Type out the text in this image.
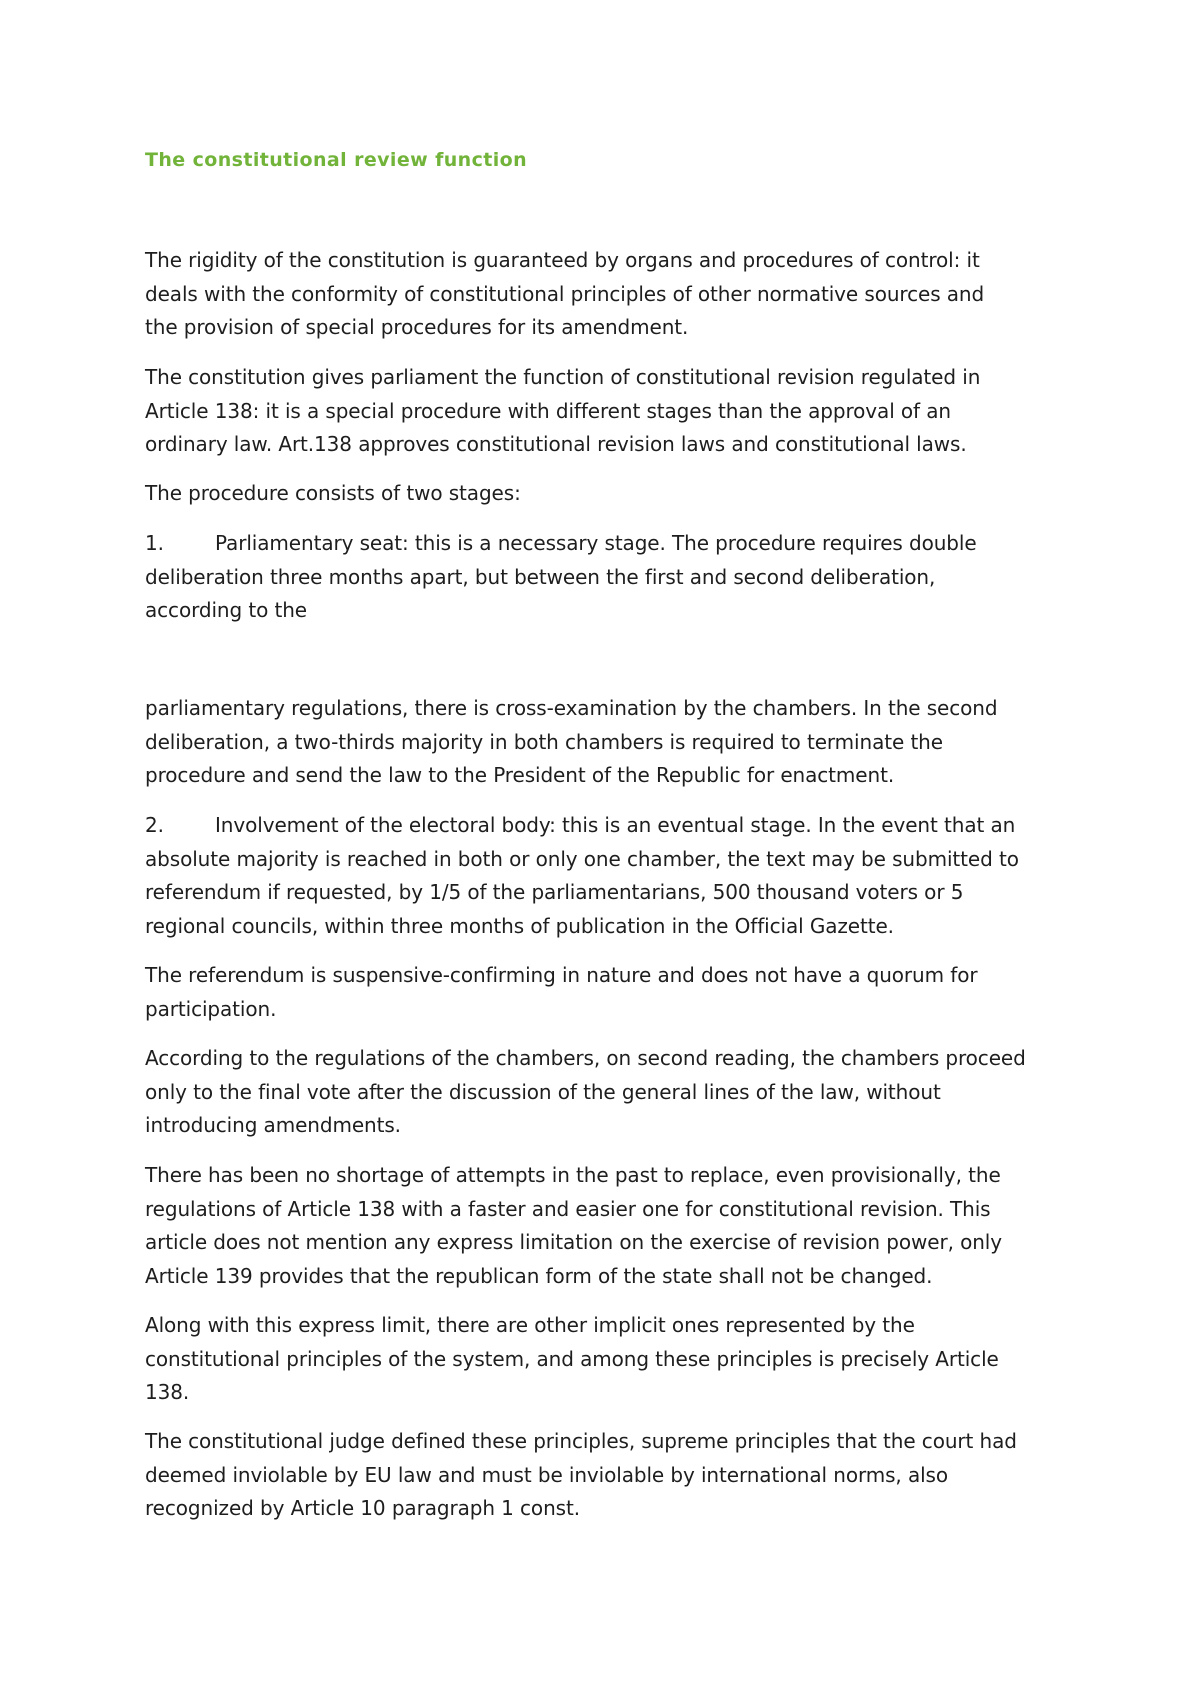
The constitutional review function

The rigidity of the constitution is guaranteed by organs and procedures of control: it
deals with the conformity of constitutional principles of other normative sources and
the provision of special procedures for its amendment.

The constitution gives parliament the function of constitutional revision regulated in
Article 138: it is a special procedure with different stages than the approval of an
ordinary law. Art.138 approves constitutional revision laws and constitutional laws.

The procedure consists of two stages:

1.	Parliamentary seat: this is a necessary stage. The procedure requires double
deliberation three months apart, but between the first and second deliberation,
according to the

parliamentary regulations, there is cross-examination by the chambers. In the second
deliberation, a two-thirds majority in both chambers is required to terminate the
procedure and send the law to the President of the Republic for enactment.

2.	Involvement of the electoral body: this is an eventual stage. In the event that an
absolute majority is reached in both or only one chamber, the text may be submitted to
referendum if requested, by 1/5 of the parliamentarians, 500 thousand voters or 5
regional councils, within three months of publication in the Official Gazette.

The referendum is suspensive-confirming in nature and does not have a quorum for
participation.

According to the regulations of the chambers, on second reading, the chambers proceed
only to the final vote after the discussion of the general lines of the law, without
introducing amendments.

There has been no shortage of attempts in the past to replace, even provisionally, the
regulations of Article 138 with a faster and easier one for constitutional revision. This
article does not mention any express limitation on the exercise of revision power, only
Article 139 provides that the republican form of the state shall not be changed.

Along with this express limit, there are other implicit ones represented by the
constitutional principles of the system, and among these principles is precisely Article
138.

The constitutional judge defined these principles, supreme principles that the court had
deemed inviolable by EU law and must be inviolable by international norms, also
recognized by Article 10 paragraph 1 const.
